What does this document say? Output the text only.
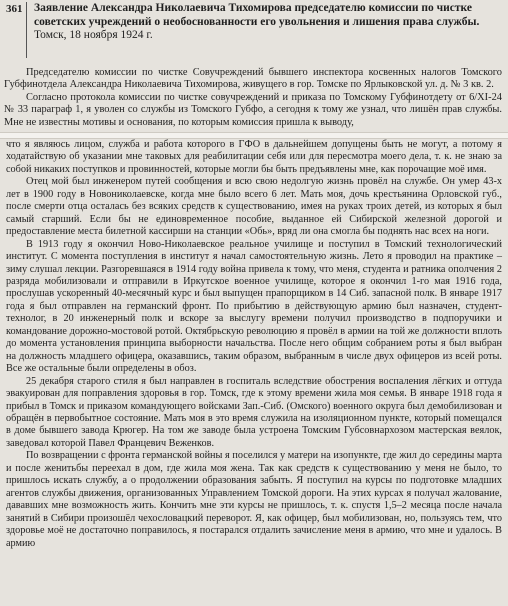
361 Заявление Александра Николаевича Тихомирова председателю комиссии по чистке советских учреждений о необоснованности его увольнения и лишения права службы. Томск, 18 ноября 1924 г.

Председателю комиссии по чистке Совучреждений бывшего инспектора косвенных налогов Томского Губфинотдела Александра Николаевича Тихомирова, живущего в гор. Томске по Ярлыковской ул. д. № 3 кв. 2.

Согласно протокола комиссии по чистке совучреждений и приказа по Томскому Губфинотдету от 6/XI-24 № 33 параграф 1, я уволен со службы из Томского Губфо, а сегодня к тому же узнал, что лишён прав службы. Мне не известны мотивы и основания, по которым комиссия пришла к выводу,

что я являюсь лицом, служба и работа которого в ГФО в дальнейшем допущены быть не могут, а потому я ходатайствую об указании мне таковых для реабилитации себя или для пересмотра моего дела, т. к. не знаю за собой никаких поступков и провинностей, которые могли бы быть предъявлены мне, как порочащие моё имя.

Отец мой был инженером путей сообщения и всю свою недолгую жизнь провёл на службе. Он умер 43-х лет в 1900 году в Новониколаевске, когда мне было всего 6 лет. Мать моя, дочь крестьянина Орловской губ., после смерти отца осталась без всяких средств к существованию, имея на руках троих детей, из которых я был самый старший. Если бы не единовременное пособие, выданное ей Сибирской железной дорогой и предоставление места билетной кассирши на станции «Обь», вряд ли она смогла бы поднять нас всех на ноги.

В 1913 году я окончил Ново-Николаевское реальное училище и поступил в Томский технологический институт. С момента поступления в институт я начал самостоятельную жизнь. Лето я проводил на практике – зиму слушал лекции. Разгоревшаяся в 1914 году война привела к тому, что меня, студента и ратника ополчения 2 разряда мобилизовали и отправили в Иркутское военное училище, которое я окончил 1-го мая 1916 года, прослушав ускоренный 40-месячный курс и был выпущен прапорщиком в 14 Сиб. запасной полк. В январе 1917 года я был отправлен на германский фронт. По прибытию в действующую армию был назначен, студент-технолог, в 20 инженерный полк и вскоре за выслугу времени получил производство в подпоручики и командование дорожно-мостовой ротой. Октябрьскую революцию я провёл в армии на той же должности вплоть до момента установления принципа выборности начальства. После него общим собранием роты я был выбран на должность младшего офицера, оказавшись, таким образом, выбранным в числе двух офицеров из всей роты. Все же остальные были определены в обоз.

25 декабря старого стиля я был направлен в госпиталь вследствие обострения воспаления лёгких и оттуда эвакуирован для поправления здоровья в гор. Томск, где к этому времени жила моя семья. В январе 1918 года я прибыл в Томск и приказом командующего войсками Зап.-Сиб. (Омского) военного округа был демобилизован и обращён в первобытное состояние. Мать моя в это время служила на изоляционном пункте, который помещался в доме бывшего завода Крюгер. На том же заводе была устроена Томским Губсовнархозом мастерская веялок, заведовал которой Павел Францевич Веженков.

По возвращении с фронта германской войны я поселился у матери на изопункте, где жил до середины марта и после женитьбы переехал в дом, где жила моя жена. Так как средств к существованию у меня не было, то пришлось искать службу, а о продолжении образования забыть. Я поступил на курсы по подготовке младших агентов службы движения, организованных Управлением Томской дороги. На этих курсах я получал жалование, дававших мне возможность жить. Кончить мне эти курсы не пришлось, т. к. спустя 1,5–2 месяца после начала занятий в Сибири произошёл чехословацкий переворот. Я, как офицер, был мобилизован, но, пользуясь тем, что здоровье моё не достаточно поправилось, я постарался отдалить зачисление меня в армию, что мне и удалось. В армию
